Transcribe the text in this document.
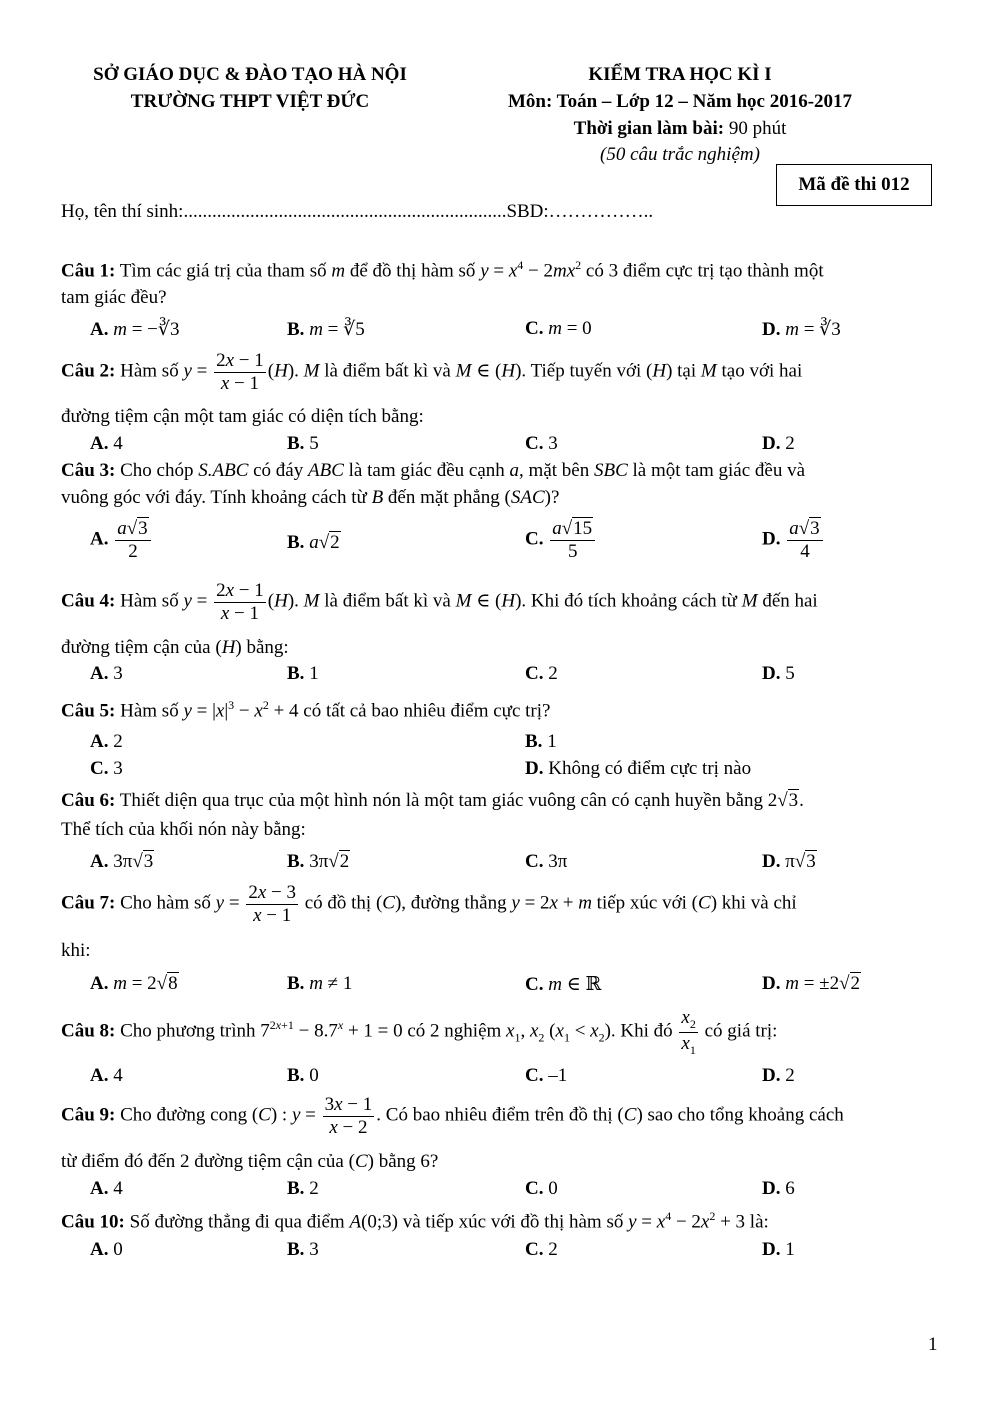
SỞ GIÁO DỤC & ĐÀO TẠO HÀ NỘI
TRƯỜNG THPT VIỆT ĐỨC
KIỂM TRA HỌC KÌ I
Môn: Toán – Lớp 12 – Năm học 2016-2017
Thời gian làm bài: 90 phút
(50 câu trắc nghiệm)
Mã đề thi 012
Họ, tên thí sinh:....................................................................SBD:……………..
Câu 1: Tìm các giá trị của tham số m để đồ thị hàm số $y = x^4 - 2mx^2$ có 3 điểm cực trị tạo thành một
tam giác đều?
A. m = −∛3	B. m = ∛5	C. m = 0	D. m = ∛3
Câu 2: Hàm số $y = \frac{2x - 1}{x - 1} (H)$. M là điểm bất kì và M ∈ (H). Tiếp tuyến với (H) tại M tạo với hai
đường tiệm cận một tam giác có diện tích bằng:
A. 4	B. 5	C. 3	D. 2
Câu 3: Cho chóp S.ABC có đáy ABC là tam giác đều cạnh a, mặt bên SBC là một tam giác đều và
vuông góc với đáy. Tính khoảng cách từ B đến mặt phẳng (SAC)?
A. $\frac{a√3}{2}$	B. a√2	C. $\frac{a√15}{5}$	D. $\frac{a√3}{4}$
Câu 4: Hàm số $y = \frac{2x - 1}{x - 1} (H)$. M là điểm bất kì và M ∈ (H). Khi đó tích khoảng cách từ M đến hai
đường tiệm cận của (H) bằng:
A. 3	B. 1	C. 2	D. 5
Câu 5: Hàm số $y = |x|^3 - x^2 + 4$ có tất cả bao nhiêu điểm cực trị?
A. 2	B. 1
C. 3	D. Không có điểm cực trị nào
Câu 6: Thiết diện qua trục của một hình nón là một tam giác vuông cân có cạnh huyền bằng 2√3.
Thể tích của khối nón này bằng:
A. 3π√3	B. 3π√2	C. 3π	D. π√3
Câu 7: Cho hàm số $y = \frac{2x - 3}{x - 1}$ có đồ thị (C), đường thẳng y = 2x + m tiếp xúc với (C) khi và chỉ
khi:
A. m = 2√8	B. m ≠ 1	C. m ∈ ℝ	D. m = ±2√2
Câu 8: Cho phương trình $7^{2x+1} - 8.7^x + 1 = 0$ có 2 nghiệm $x_1$, $x_2$ $(x_1 < x_2)$. Khi đó $\frac{x_2}{x_1}$ có giá trị:
A. 4	B. 0	C. –1	D. 2
Câu 9: Cho đường cong (C) : $y = \frac{3x - 1}{x - 2}$ . Có bao nhiêu điểm trên đồ thị (C) sao cho tổng khoảng cách
từ điểm đó đến 2 đường tiệm cận của (C) bằng 6?
A. 4	B. 2	C. 0	D. 6
Câu 10: Số đường thẳng đi qua điểm A(0;3) và tiếp xúc với đồ thị hàm số $y = x^4 - 2x^2 + 3$ là:
A. 0	B. 3	C. 2	D. 1
1
